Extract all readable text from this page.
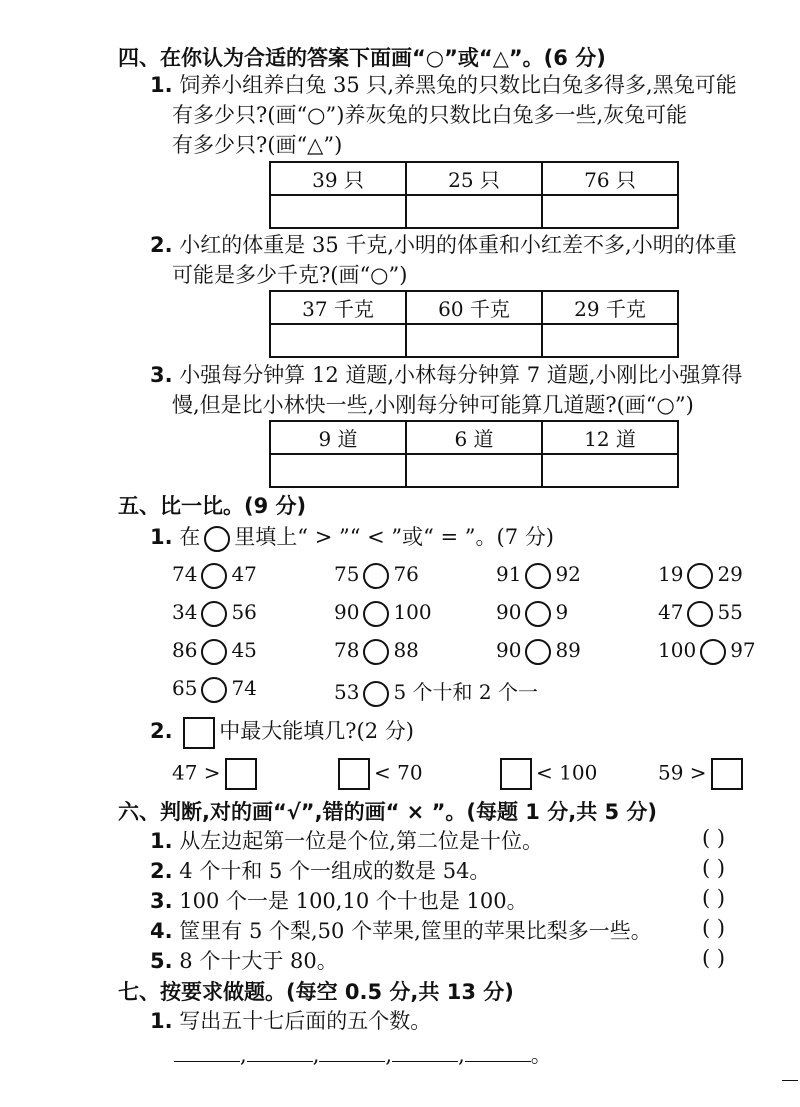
四、在你认为合适的答案下面画“○”或“△”。(6 分)
1. 饲养小组养白兔 35 只,养黑兔的只数比白兔多得多,黑兔可能
有多少只?(画“○”)养灰兔的只数比白兔多一些,灰兔可能
有多少只?(画“△”)
39 只	25 只	76 只

2. 小红的体重是 35 千克,小明的体重和小红差不多,小明的体重
可能是多少千克?(画“○”)
37 千克	60 千克	29 千克

3. 小强每分钟算 12 道题,小林每分钟算 7 道题,小刚比小强算得
慢,但是比小林快一些,小刚每分钟可能算几道题?(画“○”)
9 道	6 道	12 道

五、比一比。(9 分)
1. 在 里填上“ > ”“ < ”或“ = ”。(7 分)
74 47	75 76	91 92	19 29
34 56	90 100	90 9	47 55
86 45	78 88	90 89	100 97
65 74	53 5 个十和 2 个一
2. 中最大能填几?(2 分)
47 >	< 70	< 100	59 >
六、判断,对的画“√”,错的画“ × ”。(每题 1 分,共 5 分)
1. 从左边起第一位是个位,第二位是十位。	( )
2. 4 个十和 5 个一组成的数是 54。	( )
3. 100 个一是 100,10 个十也是 100。	( )
4. 筐里有 5 个梨,50 个苹果,筐里的苹果比梨多一些。 ( )
5. 8 个十大于 80。	( )
七、按要求做题。(每空 0.5 分,共 13 分)
1. 写出五十七后面的五个数。
,	,	,	,	。
